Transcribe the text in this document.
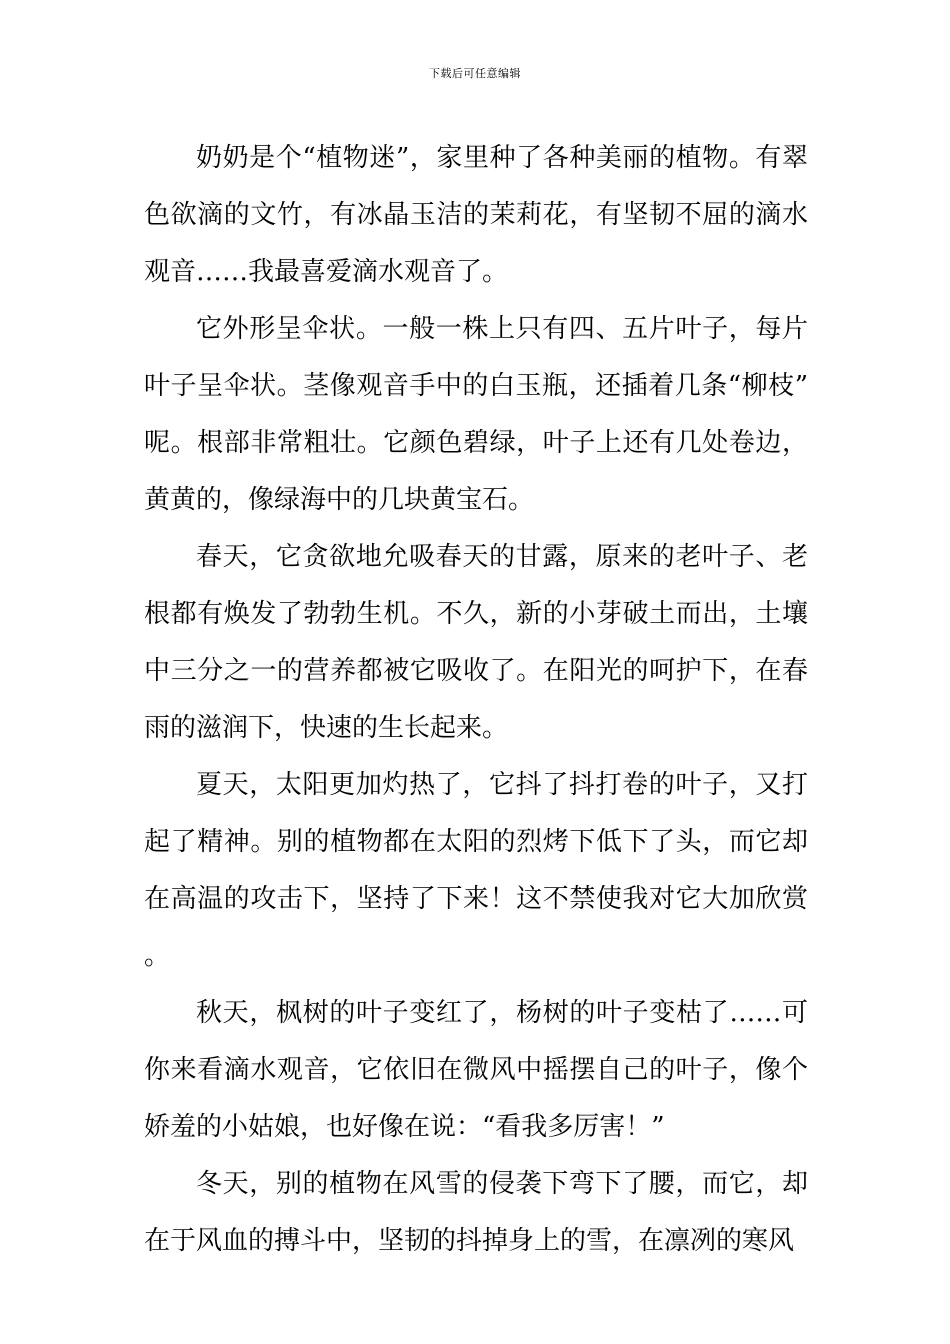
下载后可任意编辑

奶奶是个“植物迷”，家里种了各种美丽的植物。有翠色欲滴的文竹，有冰晶玉洁的茉莉花，有坚韧不屈的滴水观音……我最喜爱滴水观音了。

它外形呈伞状。一般一株上只有四、五片叶子，每片叶子呈伞状。茎像观音手中的白玉瓶，还插着几条“柳枝”呢。根部非常粗壮。它颜色碧绿，叶子上还有几处卷边，黄黄的，像绿海中的几块黄宝石。

春天，它贪欲地允吸春天的甘露，原来的老叶子、老根都有焕发了勃勃生机。不久，新的小芽破土而出，土壤中三分之一的营养都被它吸收了。在阳光的呵护下，在春雨的滋润下，快速的生长起来。

夏天，太阳更加灼热了，它抖了抖打卷的叶子，又打起了精神。别的植物都在太阳的烈烤下低下了头，而它却在高温的攻击下，坚持了下来！这不禁使我对它大加欣赏。

秋天，枫树的叶子变红了，杨树的叶子变枯了……可你来看滴水观音，它依旧在微风中摇摆自己的叶子，像个娇羞的小姑娘，也好像在说：“看我多厉害！”

冬天，别的植物在风雪的侵袭下弯下了腰，而它，却在于风血的搏斗中，坚韧的抖掉身上的雪，在凛冽的寒风
